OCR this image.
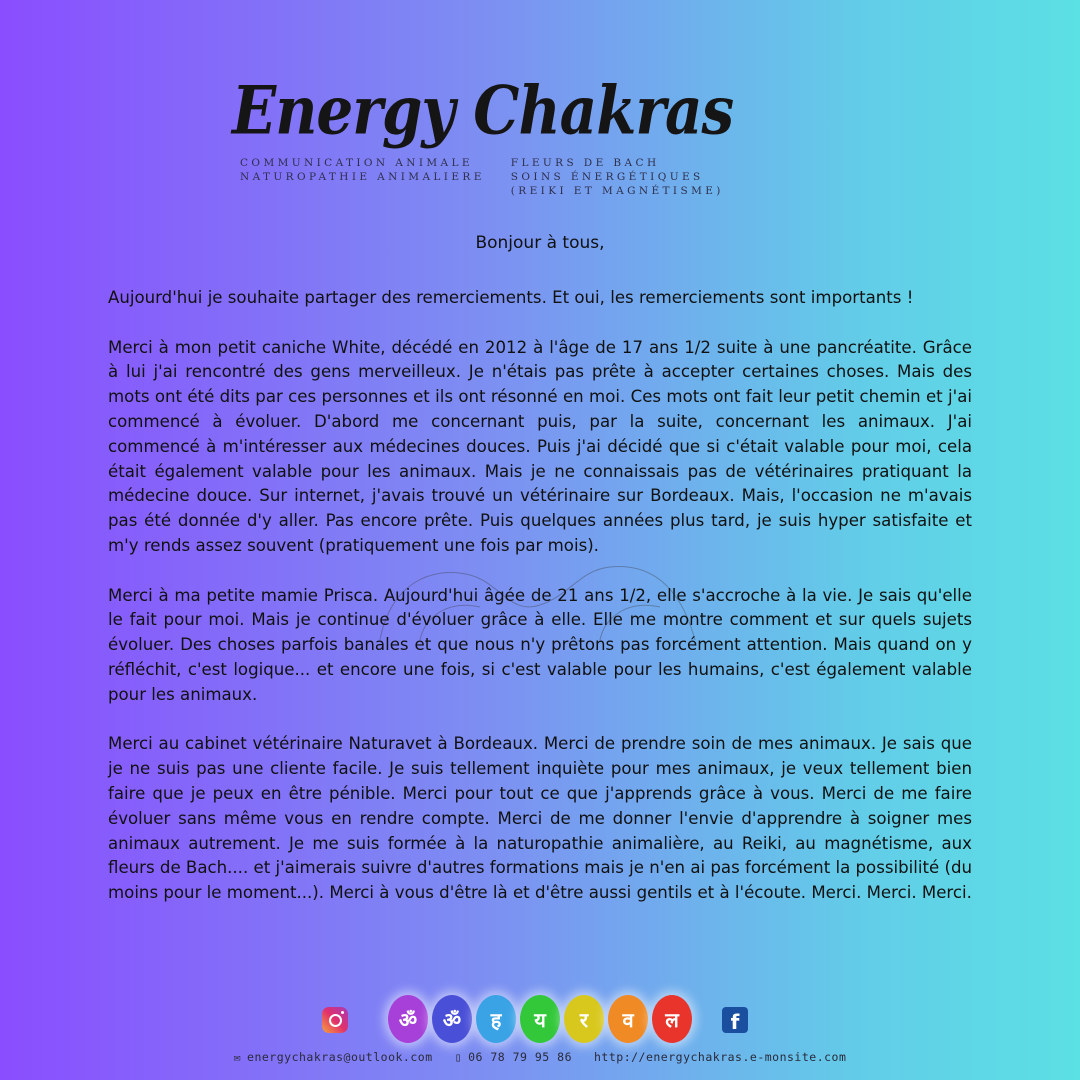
Energy Chakras
COMMUNICATION ANIMALE
NATUROPATHIE ANIMALIERE
FLEURS DE BACH
SOINS ÉNERGÉTIQUES
(REIKI ET MAGNÉTISME)

Bonjour à tous,

Aujourd'hui je souhaite partager des remerciements. Et oui, les remerciements sont importants !

Merci à mon petit caniche White, décédé en 2012 à l'âge de 17 ans 1/2 suite à une pancréatite. Grâce à lui j'ai rencontré des gens merveilleux. Je n'étais pas prête à accepter certaines choses. Mais des mots ont été dits par ces personnes et ils ont résonné en moi. Ces mots ont fait leur petit chemin et j'ai commencé à évoluer. D'abord me concernant puis, par la suite, concernant les animaux. J'ai commencé à m'intéresser aux médecines douces. Puis j'ai décidé que si c'était valable pour moi, cela était également valable pour les animaux. Mais je ne connaissais pas de vétérinaires pratiquant la médecine douce. Sur internet, j'avais trouvé un vétérinaire sur Bordeaux. Mais, l'occasion ne m'avais pas été donnée d'y aller. Pas encore prête. Puis quelques années plus tard, je suis hyper satisfaite et m'y rends assez souvent (pratiquement une fois par mois).

Merci à ma petite mamie Prisca. Aujourd'hui âgée de 21 ans 1/2, elle s'accroche à la vie. Je sais qu'elle le fait pour moi. Mais je continue d'évoluer grâce à elle. Elle me montre comment et sur quels sujets évoluer. Des choses parfois banales et que nous n'y prêtons pas forcément attention. Mais quand on y réfléchit, c'est logique... et encore une fois, si c'est valable pour les humains, c'est également valable pour les animaux.

Merci au cabinet vétérinaire Naturavet à Bordeaux. Merci de prendre soin de mes animaux. Je sais que je ne suis pas une cliente facile. Je suis tellement inquiète pour mes animaux, je veux tellement bien faire que je peux en être pénible. Merci pour tout ce que j'apprends grâce à vous. Merci de me faire évoluer sans même vous en rendre compte. Merci de me donner l'envie d'apprendre à soigner mes animaux autrement. Je me suis formée à la naturopathie animalière, au Reiki, au magnétisme, aux fleurs de Bach.... et j'aimerais suivre d'autres formations mais je n'en ai pas forcément la possibilité (du moins pour le moment...). Merci à vous d'être là et d'être aussi gentils et à l'écoute. Merci. Merci. Merci.

ॐ	ॐ	ह	य	र	व	ल	f
✉ energychakras@outlook.com ▯ 06 78 79 95 86 http://energychakras.e-monsite.com
